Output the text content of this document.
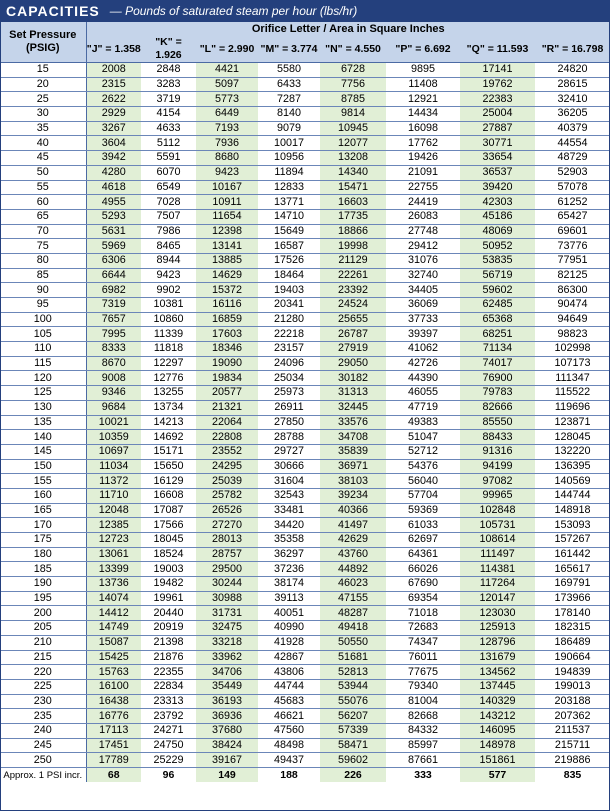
CAPACITIES — Pounds of saturated steam per hour (lbs/hr)
Set Pressure (PSIG)	Orifice Letter / Area in Square Inches							
	"J" = 1.358	"K" = 1.926	"L" = 2.990	"M" = 3.774	"N" = 4.550	"P" = 6.692	"Q" = 11.593	"R" = 16.798
15	2008	2848	4421	5580	6728	9895	17141	24820
20	2315	3283	5097	6433	7756	11408	19762	28615
25	2622	3719	5773	7287	8785	12921	22383	32410
30	2929	4154	6449	8140	9814	14434	25004	36205
35	3267	4633	7193	9079	10945	16098	27887	40379
40	3604	5112	7936	10017	12077	17762	30771	44554
45	3942	5591	8680	10956	13208	19426	33654	48729
50	4280	6070	9423	11894	14340	21091	36537	52903
55	4618	6549	10167	12833	15471	22755	39420	57078
60	4955	7028	10911	13771	16603	24419	42303	61252
65	5293	7507	11654	14710	17735	26083	45186	65427
70	5631	7986	12398	15649	18866	27748	48069	69601
75	5969	8465	13141	16587	19998	29412	50952	73776
80	6306	8944	13885	17526	21129	31076	53835	77951
85	6644	9423	14629	18464	22261	32740	56719	82125
90	6982	9902	15372	19403	23392	34405	59602	86300
95	7319	10381	16116	20341	24524	36069	62485	90474
100	7657	10860	16859	21280	25655	37733	65368	94649
105	7995	11339	17603	22218	26787	39397	68251	98823
110	8333	11818	18346	23157	27919	41062	71134	102998
115	8670	12297	19090	24096	29050	42726	74017	107173
120	9008	12776	19834	25034	30182	44390	76900	111347
125	9346	13255	20577	25973	31313	46055	79783	115522
130	9684	13734	21321	26911	32445	47719	82666	119696
135	10021	14213	22064	27850	33576	49383	85550	123871
140	10359	14692	22808	28788	34708	51047	88433	128045
145	10697	15171	23552	29727	35839	52712	91316	132220
150	11034	15650	24295	30666	36971	54376	94199	136395
155	11372	16129	25039	31604	38103	56040	97082	140569
160	11710	16608	25782	32543	39234	57704	99965	144744
165	12048	17087	26526	33481	40366	59369	102848	148918
170	12385	17566	27270	34420	41497	61033	105731	153093
175	12723	18045	28013	35358	42629	62697	108614	157267
180	13061	18524	28757	36297	43760	64361	111497	161442
185	13399	19003	29500	37236	44892	66026	114381	165617
190	13736	19482	30244	38174	46023	67690	117264	169791
195	14074	19961	30988	39113	47155	69354	120147	173966
200	14412	20440	31731	40051	48287	71018	123030	178140
205	14749	20919	32475	40990	49418	72683	125913	182315
210	15087	21398	33218	41928	50550	74347	128796	186489
215	15425	21876	33962	42867	51681	76011	131679	190664
220	15763	22355	34706	43806	52813	77675	134562	194839
225	16100	22834	35449	44744	53944	79340	137445	199013
230	16438	23313	36193	45683	55076	81004	140329	203188
235	16776	23792	36936	46621	56207	82668	143212	207362
240	17113	24271	37680	47560	57339	84332	146095	211537
245	17451	24750	38424	48498	58471	85997	148978	215711
250	17789	25229	39167	49437	59602	87661	151861	219886
Approx. 1 PSI incr.	68	96	149	188	226	333	577	835
